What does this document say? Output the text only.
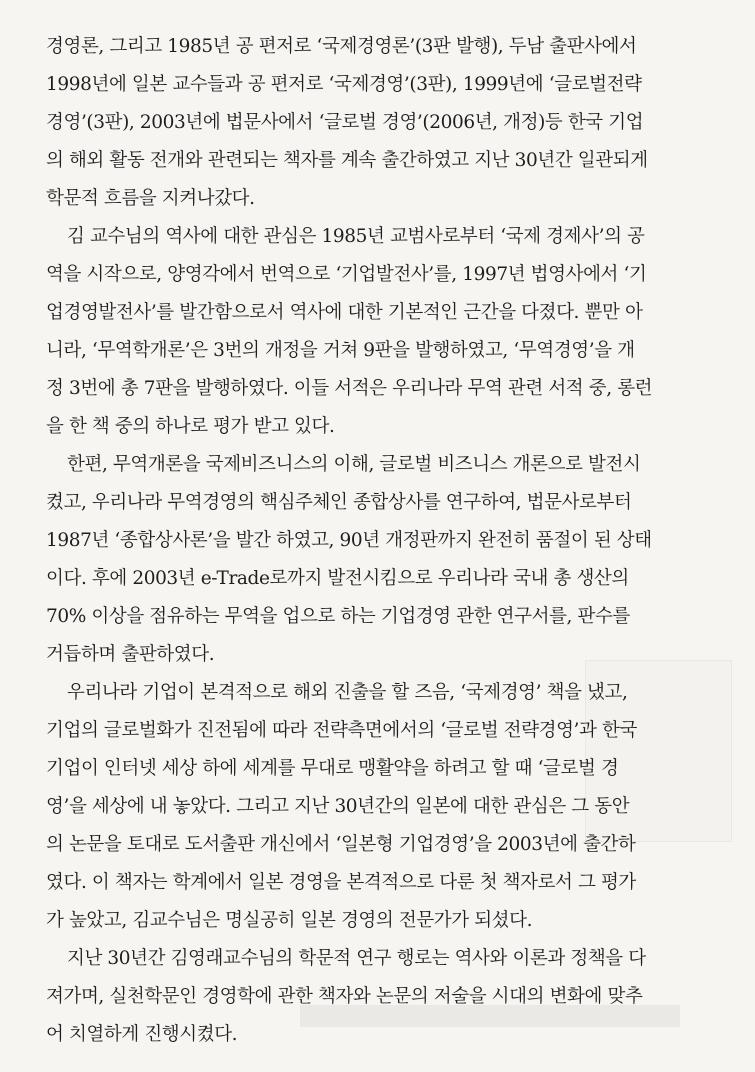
경영론, 그리고 1985년 공 편저로 ‘국제경영론’(3판 발행), 두남 출판사에서
1998년에 일본 교수들과 공 편저로 ‘국제경영’(3판), 1999년에 ‘글로벌전략
경영’(3판), 2003년에 법문사에서 ‘글로벌 경영’(2006년, 개정)등 한국 기업
의 해외 활동 전개와 관련되는 책자를 계속 출간하였고 지난 30년간 일관되게
학문적 흐름을 지켜나갔다.

김 교수님의 역사에 대한 관심은 1985년 교범사로부터 ‘국제 경제사’의 공
역을 시작으로, 양영각에서 번역으로 ‘기업발전사’를, 1997년 법영사에서 ‘기
업경영발전사’를 발간함으로서 역사에 대한 기본적인 근간을 다졌다. 뿐만 아
니라, ‘무역학개론’은 3번의 개정을 거쳐 9판을 발행하였고, ‘무역경영’을 개
정 3번에 총 7판을 발행하였다. 이들 서적은 우리나라 무역 관련 서적 중, 롱런
을 한 책 중의 하나로 평가 받고 있다.

한편, 무역개론을 국제비즈니스의 이해, 글로벌 비즈니스 개론으로 발전시
켰고, 우리나라 무역경영의 핵심주체인 종합상사를 연구하여, 법문사로부터
1987년 ‘종합상사론’을 발간 하였고, 90년 개정판까지 완전히 품절이 된 상태
이다. 후에 2003년 e-Trade로까지 발전시킴으로 우리나라 국내 총 생산의
70% 이상을 점유하는 무역을 업으로 하는 기업경영 관한 연구서를, 판수를
거듭하며 출판하였다.

우리나라 기업이 본격적으로 해외 진출을 할 즈음, ‘국제경영’ 책을 냈고,
기업의 글로벌화가 진전됨에 따라 전략측면에서의 ‘글로벌 전략경영’과 한국
기업이 인터넷 세상 하에 세계를 무대로 맹활약을 하려고 할 때 ‘글로벌 경
영’을 세상에 내 놓았다. 그리고 지난 30년간의 일본에 대한 관심은 그 동안
의 논문을 토대로 도서출판 개신에서 ‘일본형 기업경영’을 2003년에 출간하
였다. 이 책자는 학계에서 일본 경영을 본격적으로 다룬 첫 책자로서 그 평가
가 높았고, 김교수님은 명실공히 일본 경영의 전문가가 되셨다.

지난 30년간 김영래교수님의 학문적 연구 행로는 역사와 이론과 정책을 다
져가며, 실천학문인 경영학에 관한 책자와 논문의 저술을 시대의 변화에 맞추
어 치열하게 진행시켰다.
